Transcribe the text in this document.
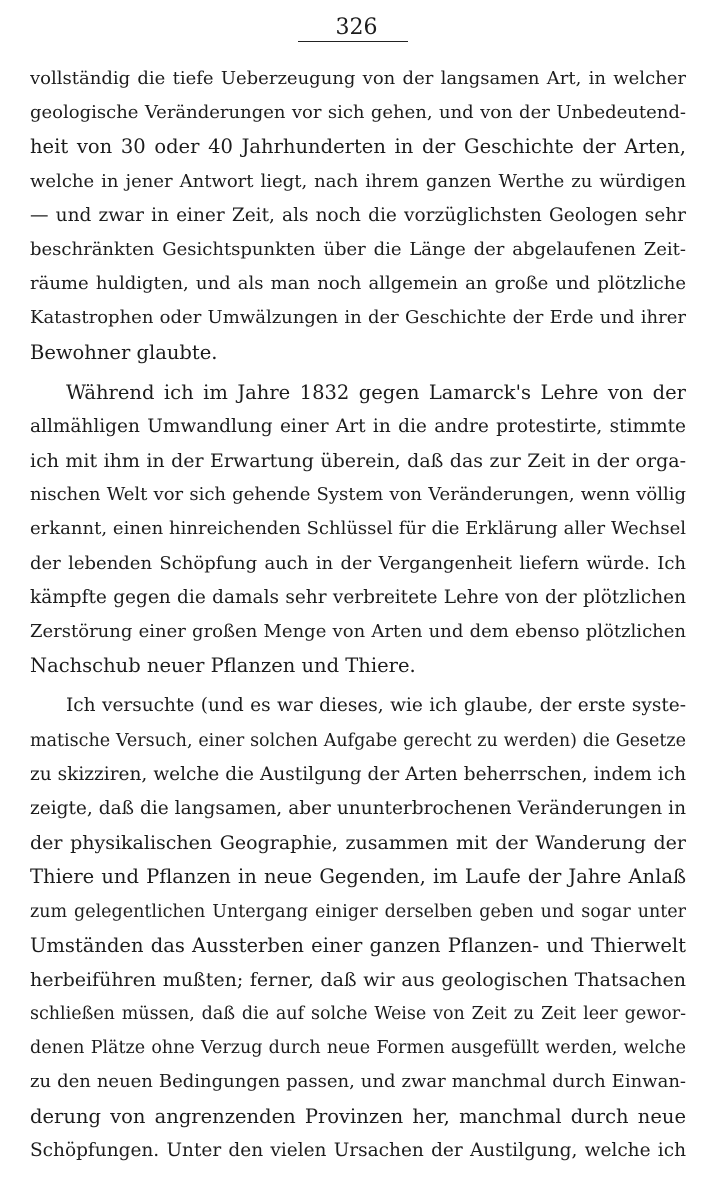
326
vollständig die tiefe Ueberzeugung von der langsamen Art, in welcher
geologische Veränderungen vor sich gehen, und von der Unbedeutend-
heit von 30 oder 40 Jahrhunderten in der Geschichte der Arten,
welche in jener Antwort liegt, nach ihrem ganzen Werthe zu würdigen
— und zwar in einer Zeit, als noch die vorzüglichsten Geologen sehr
beschränkten Gesichtspunkten über die Länge der abgelaufenen Zeit-
räume huldigten, und als man noch allgemein an große und plötzliche
Katastrophen oder Umwälzungen in der Geschichte der Erde und ihrer
Bewohner glaubte.
Während ich im Jahre 1832 gegen Lamarck's Lehre von der
allmähligen Umwandlung einer Art in die andre protestirte, stimmte
ich mit ihm in der Erwartung überein, daß das zur Zeit in der orga-
nischen Welt vor sich gehende System von Veränderungen, wenn völlig
erkannt, einen hinreichenden Schlüssel für die Erklärung aller Wechsel
der lebenden Schöpfung auch in der Vergangenheit liefern würde. Ich
kämpfte gegen die damals sehr verbreitete Lehre von der plötzlichen
Zerstörung einer großen Menge von Arten und dem ebenso plötzlichen
Nachschub neuer Pflanzen und Thiere.
Ich versuchte (und es war dieses, wie ich glaube, der erste syste-
matische Versuch, einer solchen Aufgabe gerecht zu werden) die Gesetze
zu skizziren, welche die Austilgung der Arten beherrschen, indem ich
zeigte, daß die langsamen, aber ununterbrochenen Veränderungen in
der physikalischen Geographie, zusammen mit der Wanderung der
Thiere und Pflanzen in neue Gegenden, im Laufe der Jahre Anlaß
zum gelegentlichen Untergang einiger derselben geben und sogar unter
Umständen das Aussterben einer ganzen Pflanzen- und Thierwelt
herbeiführen mußten; ferner, daß wir aus geologischen Thatsachen
schließen müssen, daß die auf solche Weise von Zeit zu Zeit leer gewor-
denen Plätze ohne Verzug durch neue Formen ausgefüllt werden, welche
zu den neuen Bedingungen passen, und zwar manchmal durch Einwan-
derung von angrenzenden Provinzen her, manchmal durch neue
Schöpfungen. Unter den vielen Ursachen der Austilgung, welche ich
